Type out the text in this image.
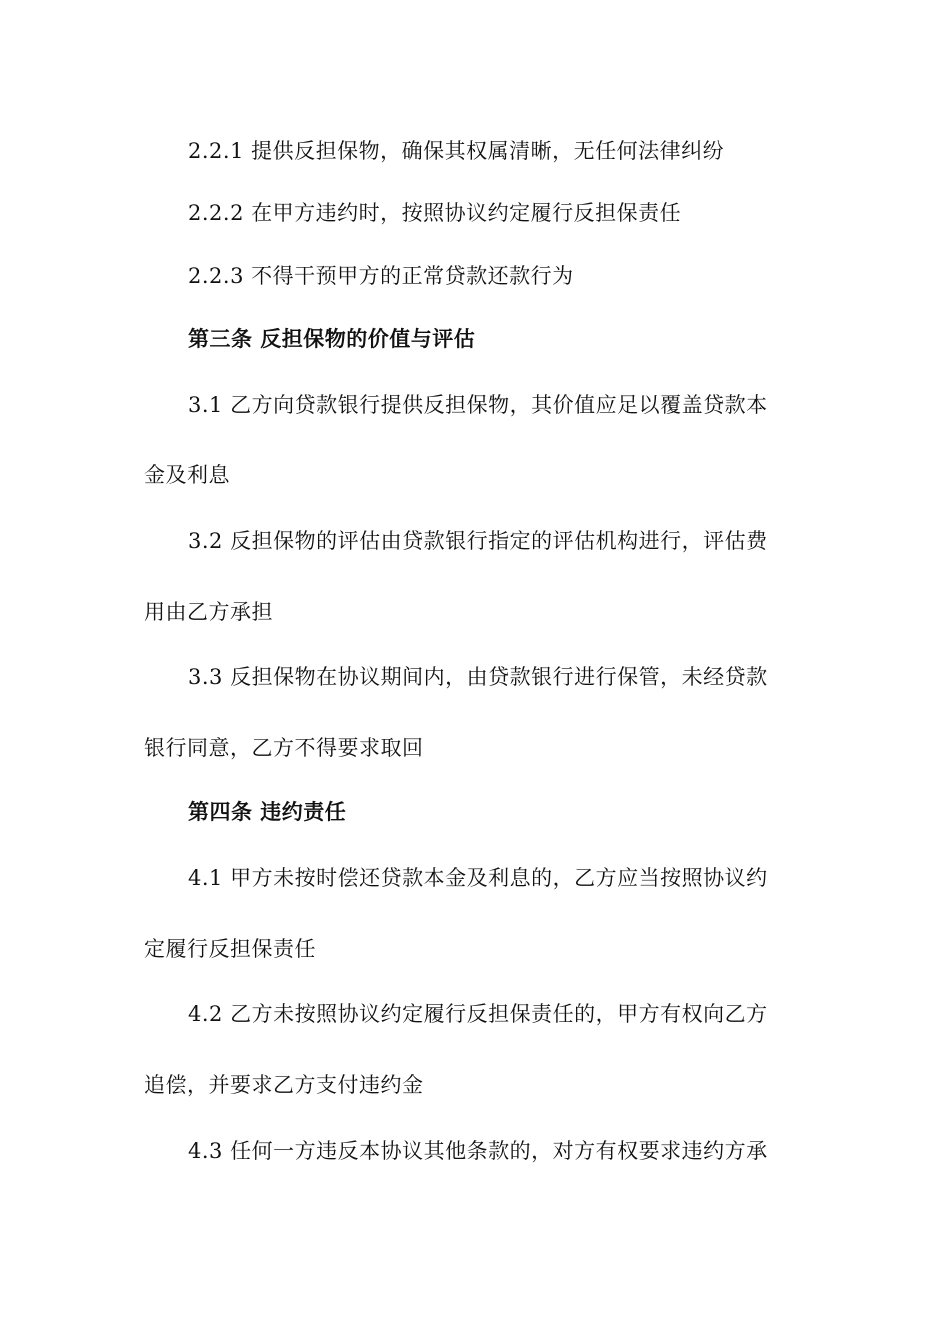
2.2.1 提供反担保物，确保其权属清晰，无任何法律纠纷
2.2.2 在甲方违约时，按照协议约定履行反担保责任
2.2.3 不得干预甲方的正常贷款还款行为
第三条 反担保物的价值与评估
3.1 乙方向贷款银行提供反担保物，其价值应足以覆盖贷款本
金及利息
3.2 反担保物的评估由贷款银行指定的评估机构进行，评估费
用由乙方承担
3.3 反担保物在协议期间内，由贷款银行进行保管，未经贷款
银行同意，乙方不得要求取回
第四条 违约责任
4.1 甲方未按时偿还贷款本金及利息的，乙方应当按照协议约
定履行反担保责任
4.2 乙方未按照协议约定履行反担保责任的，甲方有权向乙方
追偿，并要求乙方支付违约金
4.3 任何一方违反本协议其他条款的，对方有权要求违约方承
